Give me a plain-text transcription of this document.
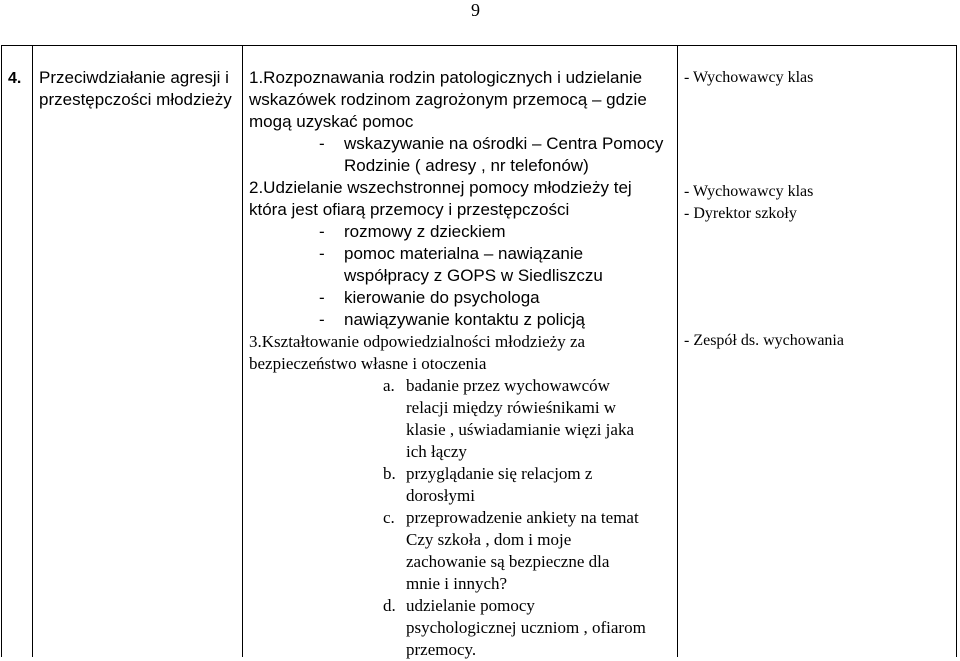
9
4.	Przeciwdziałanie agresji i
przestępczości młodzieży
1.Rozpoznawania rodzin patologicznych i udzielanie
wskazówek rodzinom zagrożonym przemocą – gdzie
mogą uzyskać pomoc
- wskazywanie na ośrodki – Centra Pomocy
Rodzinie ( adresy , nr telefonów)
2.Udzielanie wszechstronnej pomocy młodzieży tej
która jest ofiarą przemocy i przestępczości
- rozmowy z dzieckiem
- pomoc materialna – nawiązanie
współpracy z GOPS w Siedliszczu
- kierowanie do psychologa
- nawiązywanie kontaktu z policją
3.Kształtowanie odpowiedzialności młodzieży za
bezpieczeństwo własne i otoczenia
a. badanie przez wychowawców
relacji między rówieśnikami w
klasie , uświadamianie więzi jaka
ich łączy
b. przyglądanie się relacjom z
dorosłymi
c. przeprowadzenie ankiety na temat
Czy szkoła , dom i moje
zachowanie są bezpieczne dla
mnie i innych?
d. udzielanie pomocy
psychologicznej uczniom , ofiarom
przemocy.
- Wychowawcy klas
- Wychowawcy klas
- Dyrektor szkoły
- Zespół ds. wychowania
